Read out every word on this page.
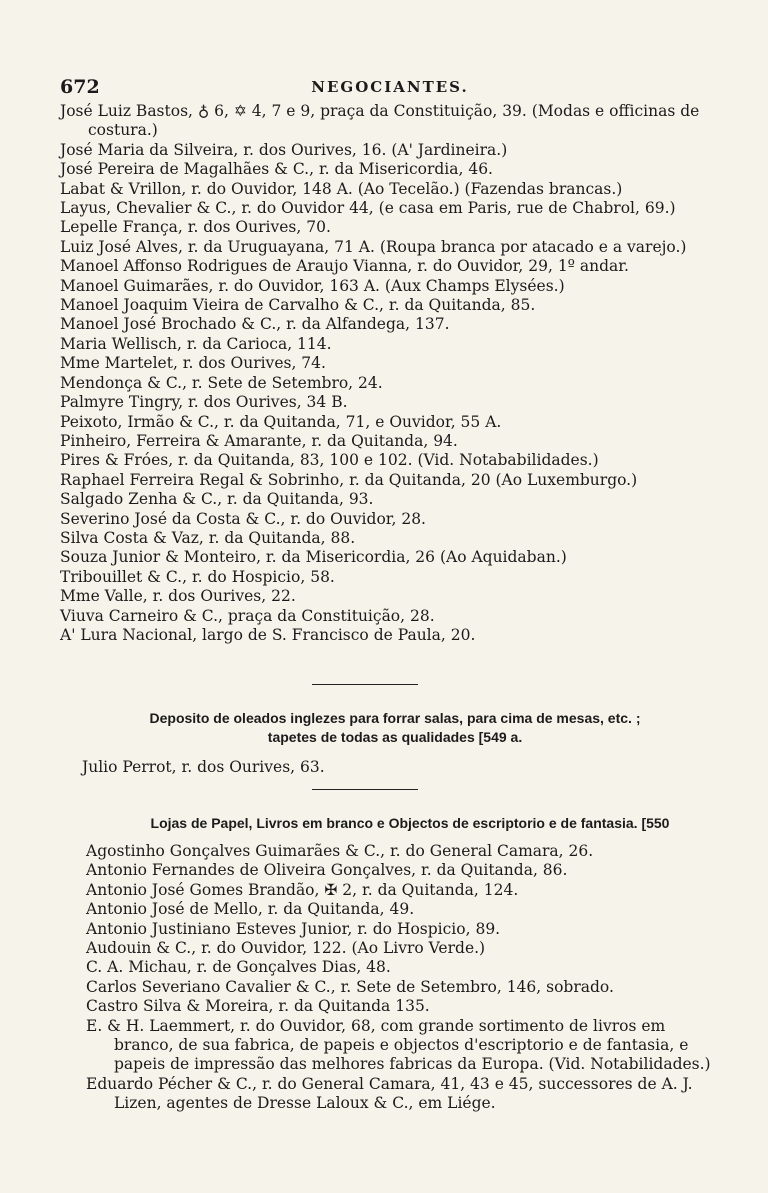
672	NEGOCIANTES.
José Luiz Bastos, ♁ 6, ✡ 4, 7 e 9, praça da Constituição, 39. (Modas e officinas de costura.)
José Maria da Silveira, r. dos Ourives, 16. (A' Jardineira.)
José Pereira de Magalhães & C., r. da Misericordia, 46.
Labat & Vrillon, r. do Ouvidor, 148 A. (Ao Tecelão.) (Fazendas brancas.)
Layus, Chevalier & C., r. do Ouvidor 44, (e casa em Paris, rue de Chabrol, 69.)
Lepelle França, r. dos Ourives, 70.
Luiz José Alves, r. da Uruguayana, 71 A. (Roupa branca por atacado e a varejo.)
Manoel Affonso Rodrigues de Araujo Vianna, r. do Ouvidor, 29, 1º andar.
Manoel Guimarães, r. do Ouvidor, 163 A. (Aux Champs Elysées.)
Manoel Joaquim Vieira de Carvalho & C., r. da Quitanda, 85.
Manoel José Brochado & C., r. da Alfandega, 137.
Maria Wellisch, r. da Carioca, 114.
Mme Martelet, r. dos Ourives, 74.
Mendonça & C., r. Sete de Setembro, 24.
Palmyre Tingry, r. dos Ourives, 34 B.
Peixoto, Irmão & C., r. da Quitanda, 71, e Ouvidor, 55 A.
Pinheiro, Ferreira & Amarante, r. da Quitanda, 94.
Pires & Fróes, r. da Quitanda, 83, 100 e 102. (Vid. Notababilidades.)
Raphael Ferreira Regal & Sobrinho, r. da Quitanda, 20 (Ao Luxemburgo.)
Salgado Zenha & C., r. da Quitanda, 93.
Severino José da Costa & C., r. do Ouvidor, 28.
Silva Costa & Vaz, r. da Quitanda, 88.
Souza Junior & Monteiro, r. da Misericordia, 26 (Ao Aquidaban.)
Tribouillet & C., r. do Hospicio, 58.
Mme Valle, r. dos Ourives, 22.
Viuva Carneiro & C., praça da Constituição, 28.
A' Lura Nacional, largo de S. Francisco de Paula, 20.
Deposito de oleados inglezes para forrar salas, para cima de mesas, etc. ;
tapetes de todas as qualidades [549 a.
Julio Perrot, r. dos Ourives, 63.
Lojas de Papel, Livros em branco e Objectos de escriptorio e de fantasia. [550
Agostinho Gonçalves Guimarães & C., r. do General Camara, 26.
Antonio Fernandes de Oliveira Gonçalves, r. da Quitanda, 86.
Antonio José Gomes Brandão, ✠ 2, r. da Quitanda, 124.
Antonio José de Mello, r. da Quitanda, 49.
Antonio Justiniano Esteves Junior, r. do Hospicio, 89.
Audouin & C., r. do Ouvidor, 122. (Ao Livro Verde.)
C. A. Michau, r. de Gonçalves Dias, 48.
Carlos Severiano Cavalier & C., r. Sete de Setembro, 146, sobrado.
Castro Silva & Moreira, r. da Quitanda 135.
E. & H. Laemmert, r. do Ouvidor, 68, com grande sortimento de livros em branco, de sua fabrica, de papeis e objectos d'escriptorio e de fantasia, e papeis de impressão das melhores fabricas da Europa. (Vid. Notabilidades.)
Eduardo Pécher & C., r. do General Camara, 41, 43 e 45, successores de A. J. Lizen, agentes de Dresse Laloux & C., em Liége.
